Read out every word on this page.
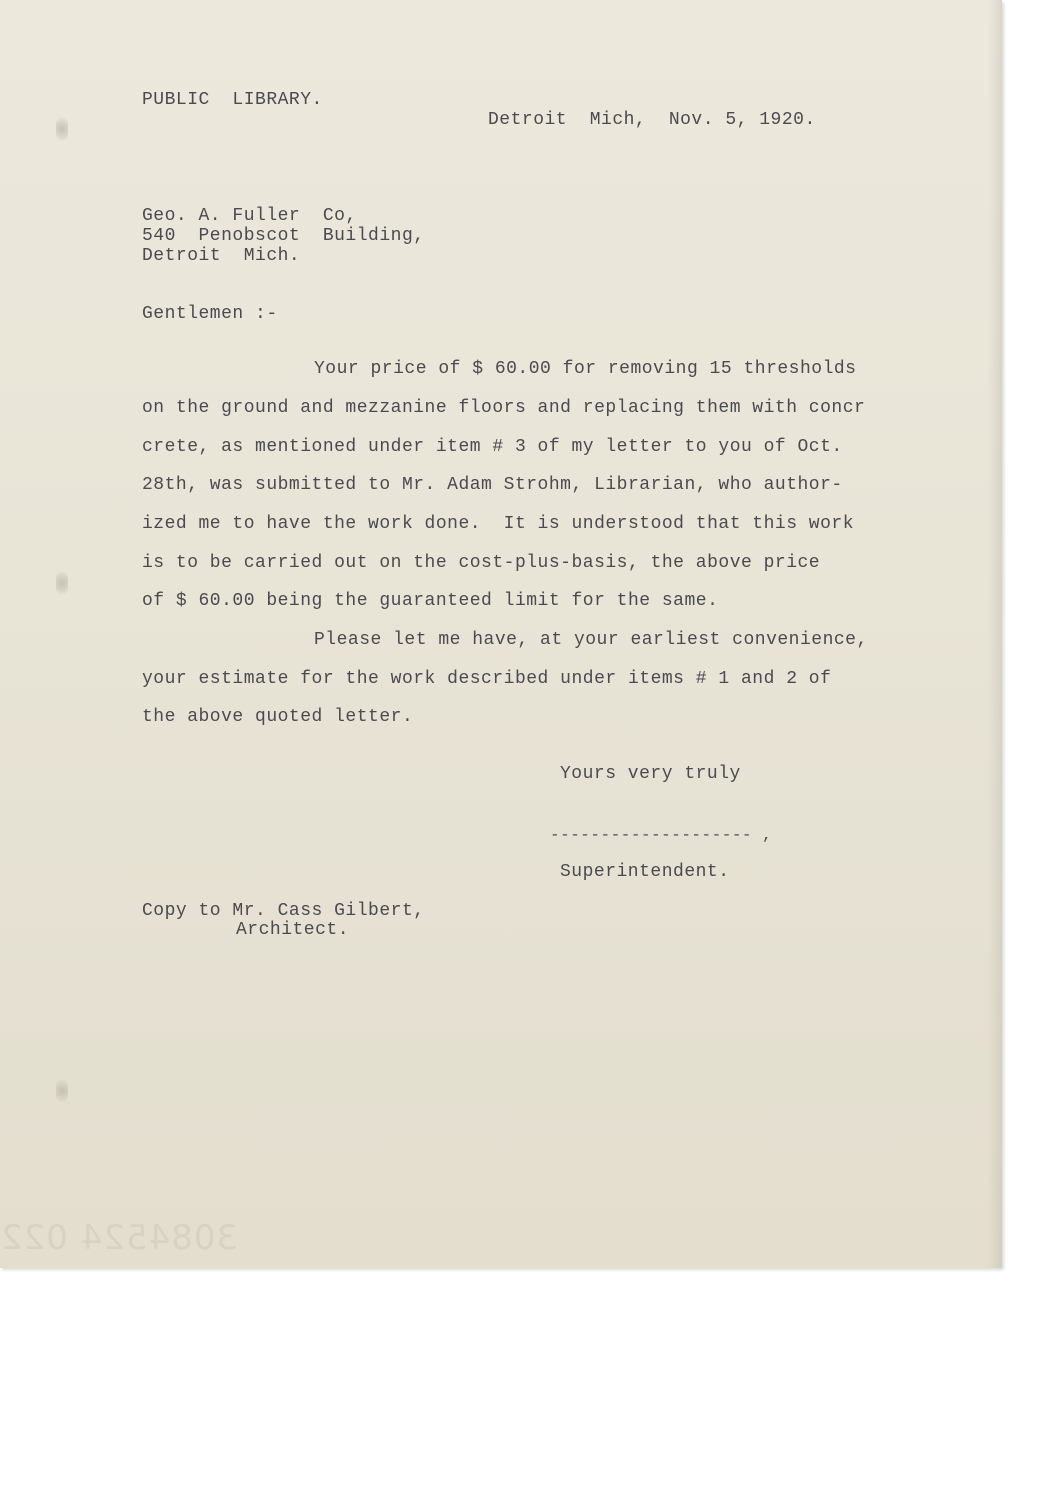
PUBLIC  LIBRARY.
Detroit  Mich,  Nov. 5, 1920.
Geo. A. Fuller  Co,
540  Penobscot  Building,
Detroit  Mich.
Gentlemen :-
Your price of $ 60.00 for removing 15 thresholds
on the ground and mezzanine floors and replacing them with concr
crete, as mentioned under item # 3 of my letter to you of Oct.
28th, was submitted to Mr. Adam Strohm, Librarian, who author-
ized me to have the work done.  It is understood that this work
is to be carried out on the cost-plus-basis, the above price
of $ 60.00 being the guaranteed limit for the same.
Please let me have, at your earliest convenience,
your estimate for the work described under items # 1 and 2 of
the above quoted letter.
Yours very truly
-------------------- ,
Superintendent.
Copy to Mr. Cass Gilbert,
Architect.
3084524 022
